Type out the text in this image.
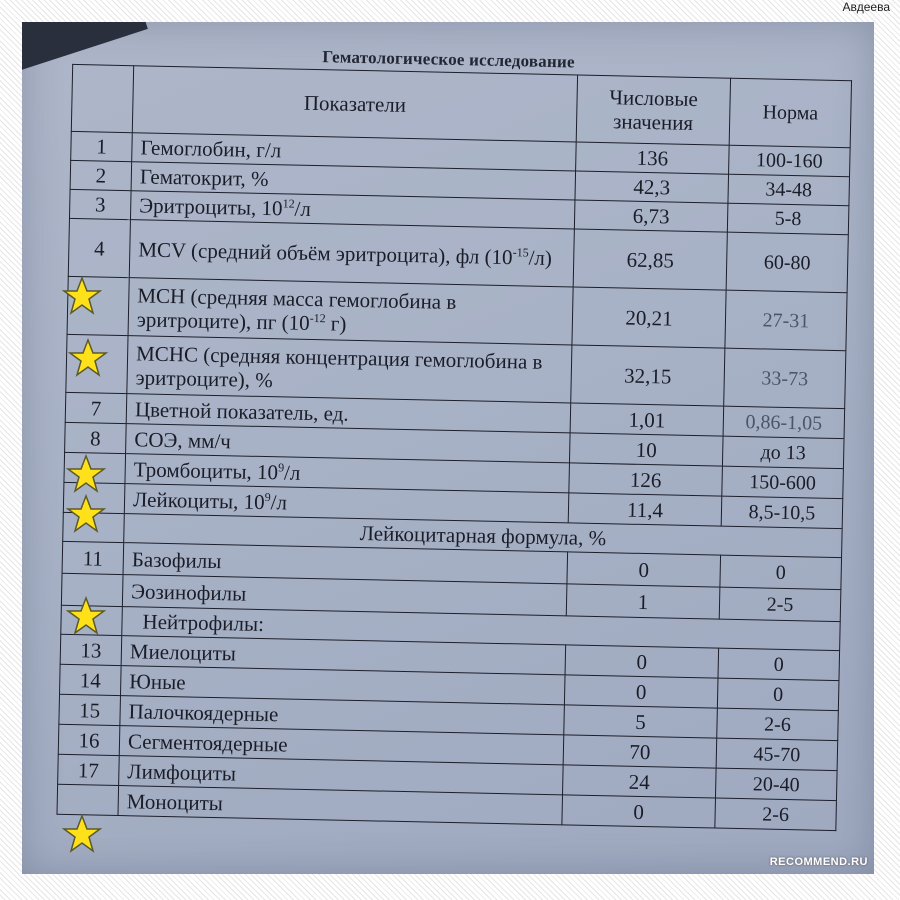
Авдеева
Гематологическое исследование
	Показатели	Числовые значения	Норма
1	Гемоглобин, г/л	136	100-160
2	Гематокрит, %	42,3	34-48
3	Эритроциты, $10^{12}/л$	6,73	5-8
4	MCV (средний объём эритроцита), фл $(10^{-15}/л)$	62,85	60-80
	MCH (средняя масса гемоглобина в эритроците), пг ($10^{-12}$ г)	20,21	27-31
	MCHC (средняя концентрация гемоглобина в эритроците), %	32,15	33-73
7	Цветной показатель, ед.	1,01	0,86-1,05
8	СОЭ, мм/ч	10	до 13
	Тромбоциты, $10^9/л$	126	150-600
	Лейкоциты, $10^9/л$	11,4	8,5-10,5
	Лейкоцитарная формула, %		
11	Базофилы	0	0
	Эозинофилы	1	2-5
	Нейтрофилы:		
13	Миелоциты	0	0
14	Юные	0	0
15	Палочкоядерные	5	2-6
16	Сегментоядерные	70	45-70
17	Лимфоциты	24	20-40
	Моноциты	0	2-6
RECOMMEND.RU
